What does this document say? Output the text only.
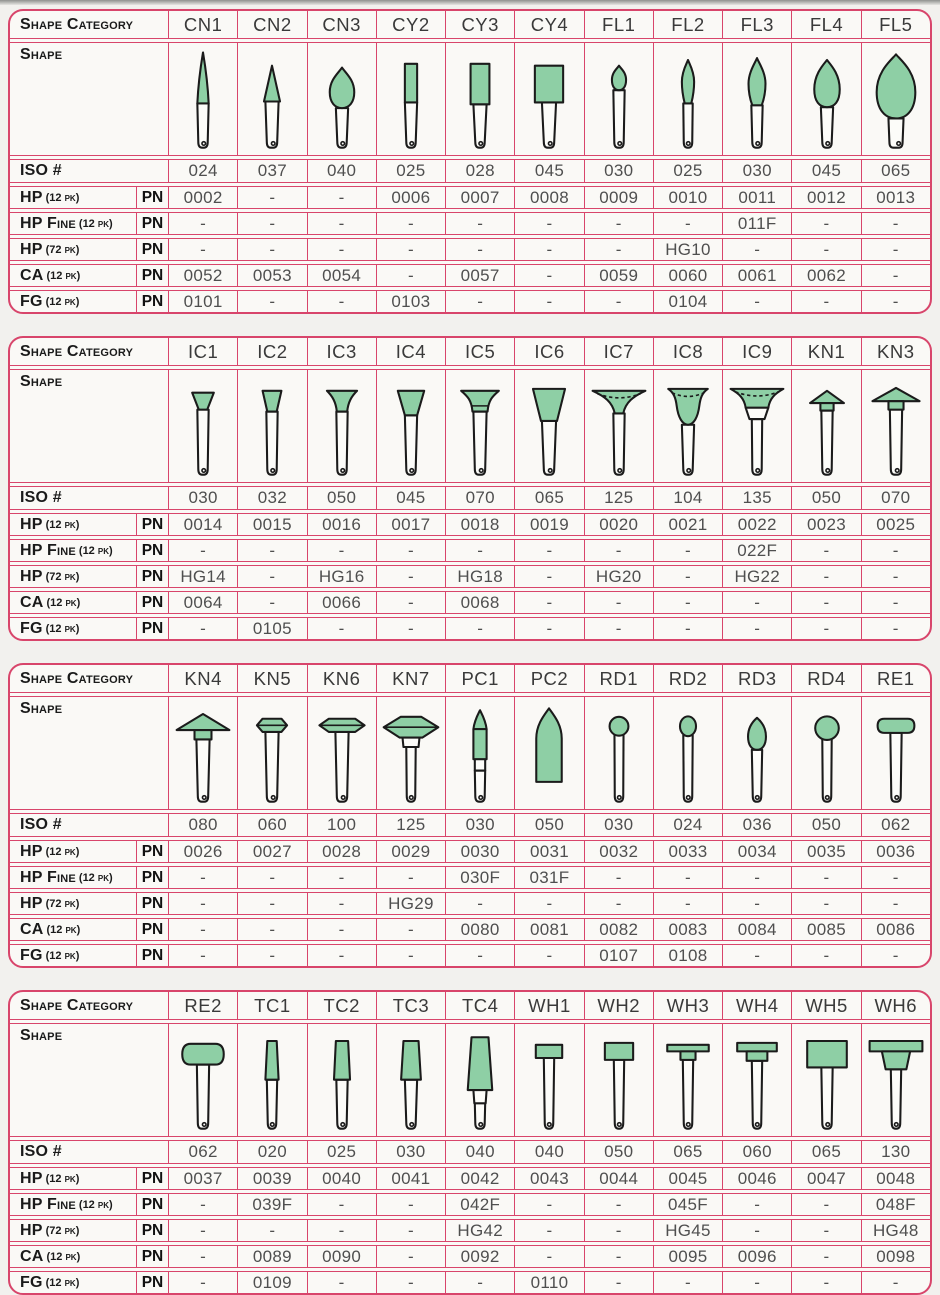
Shape Category	CN1 CN2 CN3 CY2 CY3 CY4 FL1 FL2 FL3 FL4 FL5
Shape
ISO #	024 037 040 025 028 045 030 025 030 045 065
HP (12 pk)	PN 0002	-	-	0006 0007 0008 0009 0010 0011 0012 0013
HP Fine (12 pk) PN -	-	-	-	-	-	-	-	011F	-	-
HP (72 pk)	PN -	-	-	-	-	-	-	HG10	-	-	-
CA (12 pk)	PN 0052 0053 0054	-	0057	-	0059 0060 0061 0062	-
FG (12 pk)	PN 0101	-	-	0103	-	-	-	0104	-	-	-
Shape Category	IC1 IC2 IC3 IC4 IC5 IC6 IC7 IC8 IC9 KN1 KN3
Shape
ISO #	030 032 050 045 070 065 125 104 135 050 070
HP (12 pk)	PN 0014 0015 0016 0017 0018 0019 0020 0021 0022 0023 0025
HP Fine (12 pk) PN -	-	-	-	-	-	-	-	022F	-	-
HP (72 pk)	PN HG14	-	HG16	-	HG18	-	HG20	-	HG22	-	-
CA (12 pk)	PN 0064	-	0066	-	0068	-	-	-	-	-	-
FG (12 pk)	PN -	0105	-	-	-	-	-	-	-	-	-
Shape Category	KN4 KN5 KN6 KN7 PC1 PC2 RD1 RD2 RD3 RD4 RE1
Shape
ISO #	080 060 100 125 030 050 030 024 036 050 062
HP (12 pk)	PN 0026 0027 0028 0029 0030 0031 0032 0033 0034 0035 0036
HP Fine (12 pk) PN -	-	-	-	030F 031F	-	-	-	-	-
HP (72 pk)	PN -	-	-	HG29	-	-	-	-	-	-	-
CA (12 pk)	PN -	-	-	-	0080 0081 0082 0083 0084 0085 0086
FG (12 pk)	PN -	-	-	-	-	-	0107 0108	-	-	-
Shape Category	RE2 TC1 TC2 TC3 TC4 WH1 WH2 WH3 WH4 WH5 WH6
Shape
ISO #	062 020 025 030 040 040 050 065 060 065 130
HP (12 pk)	PN 0037 0039 0040 0041 0042 0043 0044 0045 0046 0047 0048
HP Fine (12 pk) PN -	039F	-	-	042F	-	-	045F	-	-	048F
HP (72 pk)	PN -	-	-	-	HG42	-	-	HG45	-	-	HG48
CA (12 pk)	PN -	0089 0090	-	0092	-	-	0095 0096	-	0098
FG (12 pk)	PN -	0109	-	-	-	0110	-	-	-	-	-
